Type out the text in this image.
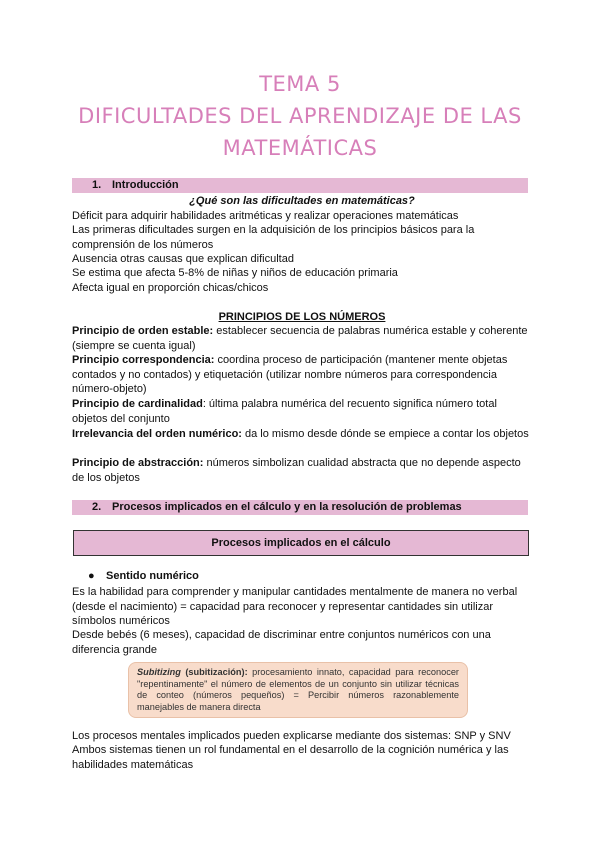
TEMA 5
DIFICULTADES DEL APRENDIZAJE DE LAS
MATEMÁTICAS
1. Introducción
¿Qué son las dificultades en matemáticas?
Déficit para adquirir habilidades aritméticas y realizar operaciones matemáticas
Las primeras dificultades surgen en la adquisición de los principios básicos para la comprensión de los números
Ausencia otras causas que explican dificultad
Se estima que afecta 5-8% de niñas y niños de educación primaria
Afecta igual en proporción chicas/chicos
PRINCIPIOS DE LOS NÚMEROS
Principio de orden estable: establecer secuencia de palabras numérica estable y coherente (siempre se cuenta igual)
Principio correspondencia: coordina proceso de participación (mantener mente objetas contados y no contados) y etiquetación (utilizar nombre números para correspondencia número-objeto)
Principio de cardinalidad: última palabra numérica del recuento significa número total objetos del conjunto
Irrelevancia del orden numérico: da lo mismo desde dónde se empiece a contar los objetos
Principio de abstracción: números simbolizan cualidad abstracta que no depende aspecto de los objetos
2. Procesos implicados en el cálculo y en la resolución de problemas
Procesos implicados en el cálculo
● Sentido numérico
Es la habilidad para comprender y manipular cantidades mentalmente de manera no verbal (desde el nacimiento) = capacidad para reconocer y representar cantidades sin utilizar símbolos numéricos
Desde bebés (6 meses), capacidad de discriminar entre conjuntos numéricos con una diferencia grande
Subitizing (subitización): procesamiento innato, capacidad para reconocer "repentinamente" el número de elementos de un conjunto sin utilizar técnicas de conteo (números pequeños) = Percibir números razonablemente manejables de manera directa
Los procesos mentales implicados pueden explicarse mediante dos sistemas: SNP y SNV
Ambos sistemas tienen un rol fundamental en el desarrollo de la cognición numérica y las habilidades matemáticas
